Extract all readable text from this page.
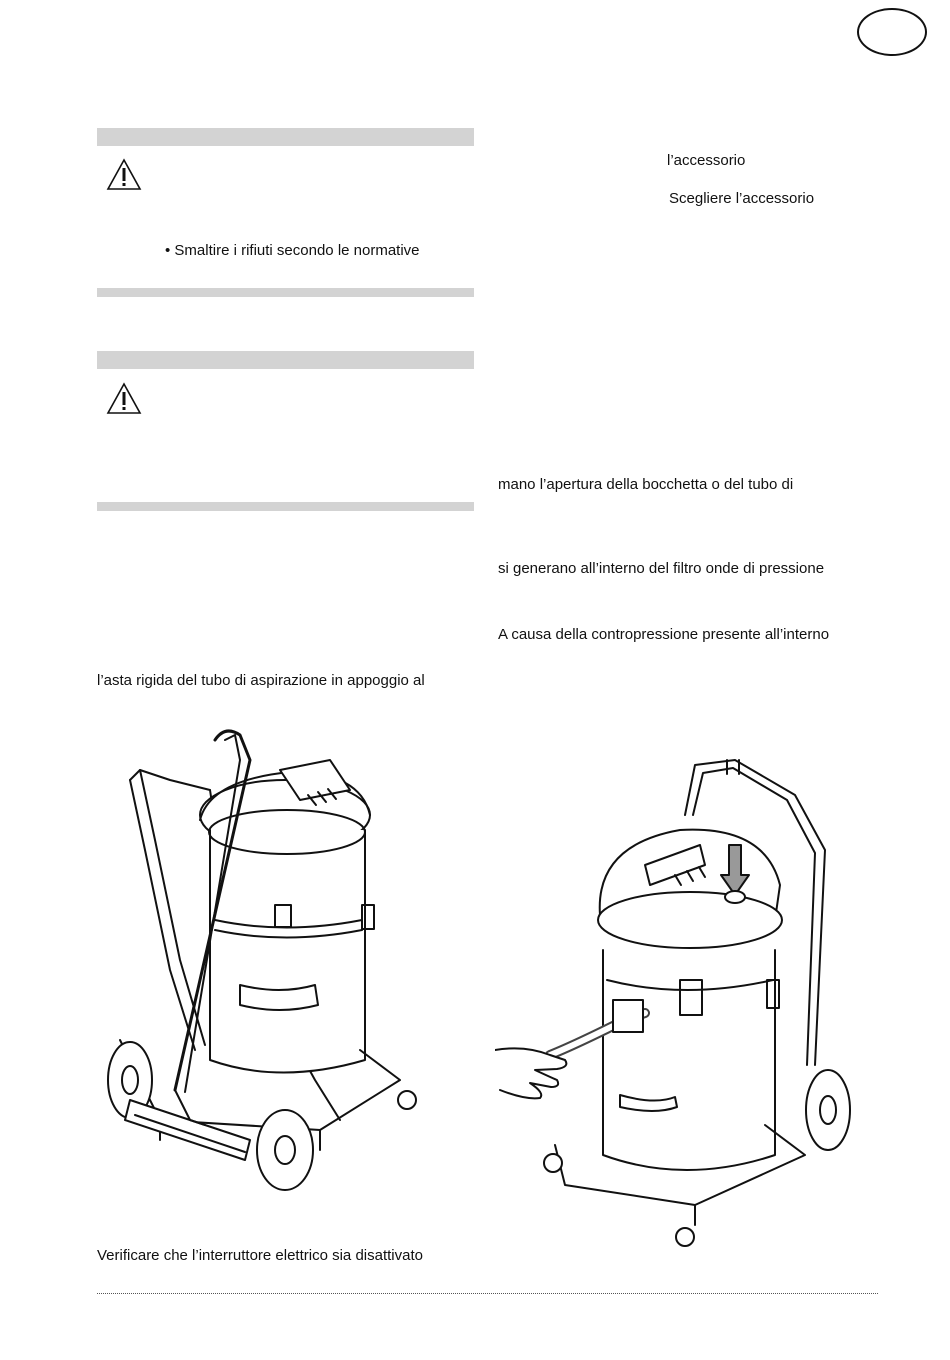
• Smaltire i rifiuti secondo le normative
l’asta rigida del tubo di aspirazione in appoggio al
Verificare che l’interruttore elettrico sia disattivato
l’accessorio
Scegliere l’accessorio
mano l’apertura della bocchetta o del tubo di
si generano all’interno del filtro onde di pressione
A causa della contropressione presente all’interno
